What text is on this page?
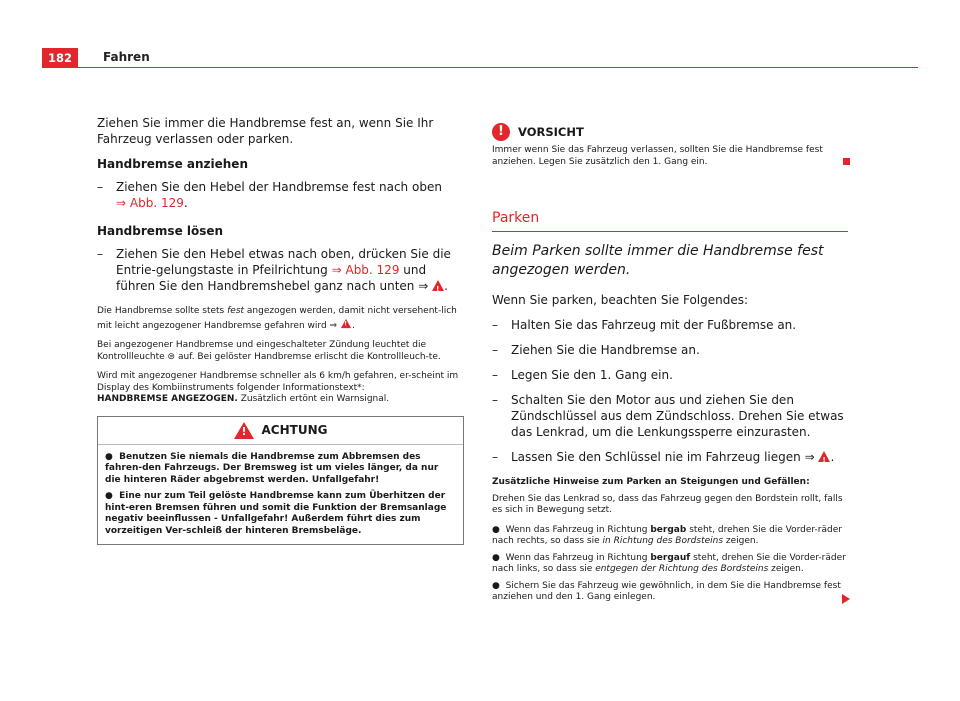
182	Fahren

Ziehen Sie immer die Handbremse fest an, wenn Sie Ihr Fahrzeug verlassen oder parken.

Handbremse anziehen

– Ziehen Sie den Hebel der Handbremse fest nach oben
⇒ Abb. 129.

Handbremse lösen

– Ziehen Sie den Hebel etwas nach oben, drücken Sie die Entrie-gelungstaste in Pfeilrichtung ⇒ Abb. 129 und führen Sie den Handbremshebel ganz nach unten ⇒ ! .

Die Handbremse sollte stets fest angezogen werden, damit nicht versehent-lich mit leicht angezogener Handbremse gefahren wird ⇒ ! .

Bei angezogener Handbremse und eingeschalteter Zündung leuchtet die Kontrollleuchte ⊜ auf. Bei gelöster Handbremse erlischt die Kontrollleuch-te.

Wird mit angezogener Handbremse schneller als 6 km/h gefahren, er-scheint im Display des Kombiinstruments folgender Informationstext*:
HANDBREMSE ANGEZOGEN. Zusätzlich ertönt ein Warnsignal.

!
ACHTUNG

● Benutzen Sie niemals die Handbremse zum Abbremsen des fahren-den Fahrzeugs. Der Bremsweg ist um vieles länger, da nur die hinteren Räder abgebremst werden. Unfallgefahr!

● Eine nur zum Teil gelöste Handbremse kann zum Überhitzen der hint-eren Bremsen führen und somit die Funktion der Bremsanlage negativ beeinflussen - Unfallgefahr! Außerdem führt dies zum vorzeitigen Ver-schleiß der hinteren Bremsbeläge.

!	VORSICHT

Immer wenn Sie das Fahrzeug verlassen, sollten Sie die Handbremse fest anziehen. Legen Sie zusätzlich den 1. Gang ein.

Parken

Beim Parken sollte immer die Handbremse fest angezogen werden.

Wenn Sie parken, beachten Sie Folgendes:

– Halten Sie das Fahrzeug mit der Fußbremse an.
– Ziehen Sie die Handbremse an.
– Legen Sie den 1. Gang ein.
– Schalten Sie den Motor aus und ziehen Sie den Zündschlüssel aus dem Zündschloss. Drehen Sie etwas das Lenkrad, um die Lenkungssperre einzurasten.
– Lassen Sie den Schlüssel nie im Fahrzeug liegen ⇒ ! .

Zusätzliche Hinweise zum Parken an Steigungen und Gefällen:

Drehen Sie das Lenkrad so, dass das Fahrzeug gegen den Bordstein rollt, falls es sich in Bewegung setzt.

● Wenn das Fahrzeug in Richtung bergab steht, drehen Sie die Vorder-räder nach rechts, so dass sie in Richtung des Bordsteins zeigen.

● Wenn das Fahrzeug in Richtung bergauf steht, drehen Sie die Vorder-räder nach links, so dass sie entgegen der Richtung des Bordsteins zeigen.

● Sichern Sie das Fahrzeug wie gewöhnlich, in dem Sie die Handbremse fest anziehen und den 1. Gang einlegen.
